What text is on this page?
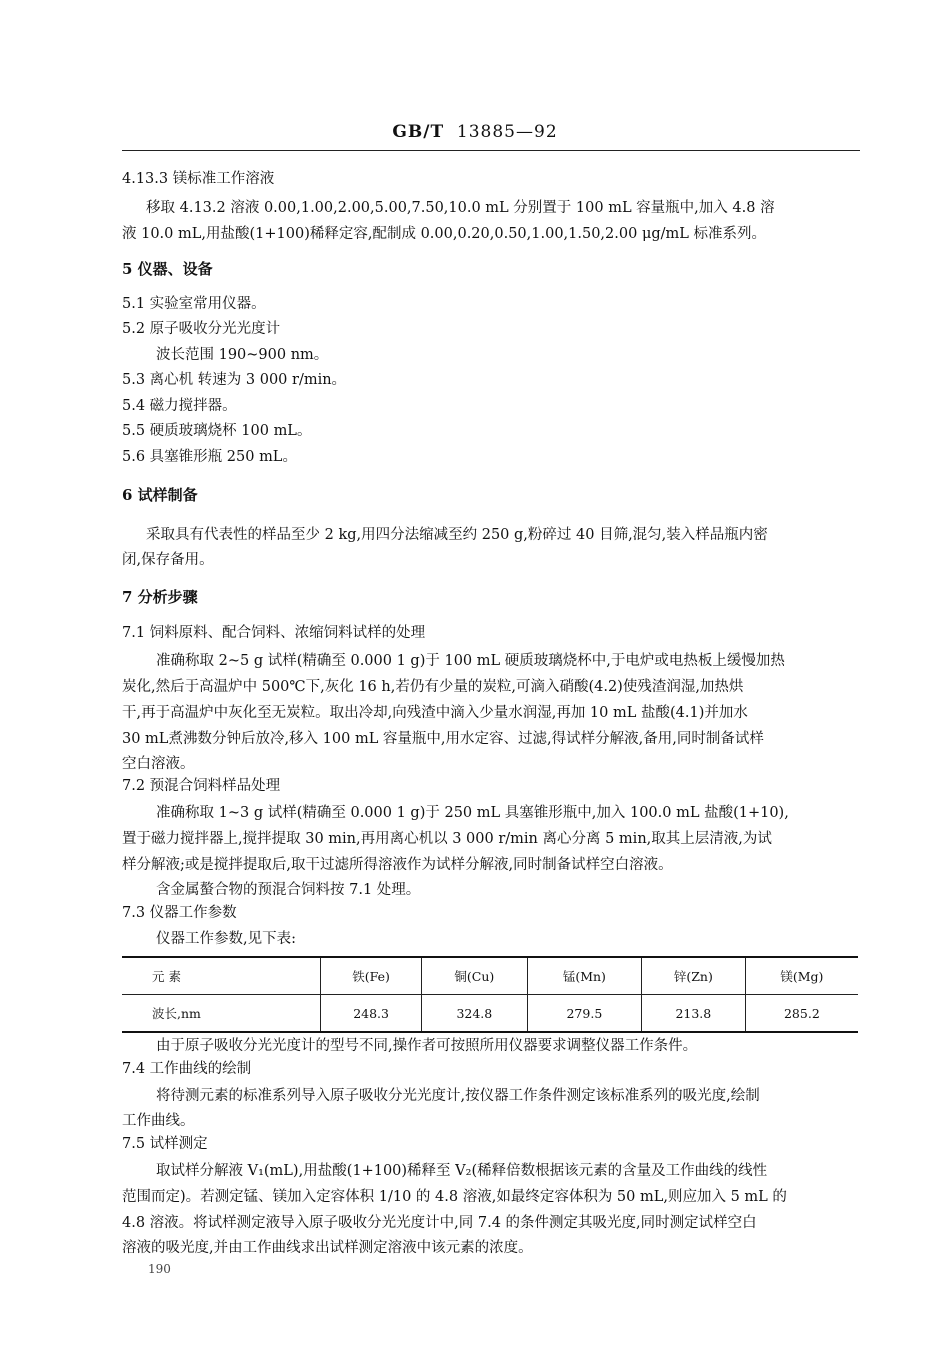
GB/T 13885—92
4.13.3 镁标准工作溶液
移取 4.13.2 溶液 0.00,1.00,2.00,5.00,7.50,10.0 mL 分别置于 100 mL 容量瓶中,加入 4.8 溶
液 10.0 mL,用盐酸(1+100)稀释定容,配制成 0.00,0.20,0.50,1.00,1.50,2.00 μg/mL 标准系列。
5 仪器、设备
5.1 实验室常用仪器。
5.2 原子吸收分光光度计
波长范围 190~900 nm。
5.3 离心机 转速为 3 000 r/min。
5.4 磁力搅拌器。
5.5 硬质玻璃烧杯 100 mL。
5.6 具塞锥形瓶 250 mL。
6 试样制备
采取具有代表性的样品至少 2 kg,用四分法缩减至约 250 g,粉碎过 40 目筛,混匀,装入样品瓶内密
闭,保存备用。
7 分析步骤
7.1 饲料原料、配合饲料、浓缩饲料试样的处理
准确称取 2~5 g 试样(精确至 0.000 1 g)于 100 mL 硬质玻璃烧杯中,于电炉或电热板上缓慢加热
炭化,然后于高温炉中 500℃下,灰化 16 h,若仍有少量的炭粒,可滴入硝酸(4.2)使残渣润湿,加热烘
干,再于高温炉中灰化至无炭粒。取出冷却,向残渣中滴入少量水润湿,再加 10 mL 盐酸(4.1)并加水
30 mL煮沸数分钟后放冷,移入 100 mL 容量瓶中,用水定容、过滤,得试样分解液,备用,同时制备试样
空白溶液。
7.2 预混合饲料样品处理
准确称取 1~3 g 试样(精确至 0.000 1 g)于 250 mL 具塞锥形瓶中,加入 100.0 mL 盐酸(1+10),
置于磁力搅拌器上,搅拌提取 30 min,再用离心机以 3 000 r/min 离心分离 5 min,取其上层清液,为试
样分解液;或是搅拌提取后,取干过滤所得溶液作为试样分解液,同时制备试样空白溶液。
含金属螯合物的预混合饲料按 7.1 处理。
7.3 仪器工作参数
仪器工作参数,见下表:
元 素	铁(Fe)	铜(Cu)	锰(Mn)	锌(Zn)	镁(Mg)
波长,nm	248.3	324.8	279.5	213.8	285.2
由于原子吸收分光光度计的型号不同,操作者可按照所用仪器要求调整仪器工作条件。
7.4 工作曲线的绘制
将待测元素的标准系列导入原子吸收分光光度计,按仪器工作条件测定该标准系列的吸光度,绘制
工作曲线。
7.5 试样测定
取试样分解液 V₁(mL),用盐酸(1+100)稀释至 V₂(稀释倍数根据该元素的含量及工作曲线的线性
范围而定)。若测定锰、镁加入定容体积 1/10 的 4.8 溶液,如最终定容体积为 50 mL,则应加入 5 mL 的
4.8 溶液。将试样测定液导入原子吸收分光光度计中,同 7.4 的条件测定其吸光度,同时测定试样空白
溶液的吸光度,并由工作曲线求出试样测定溶液中该元素的浓度。
190
